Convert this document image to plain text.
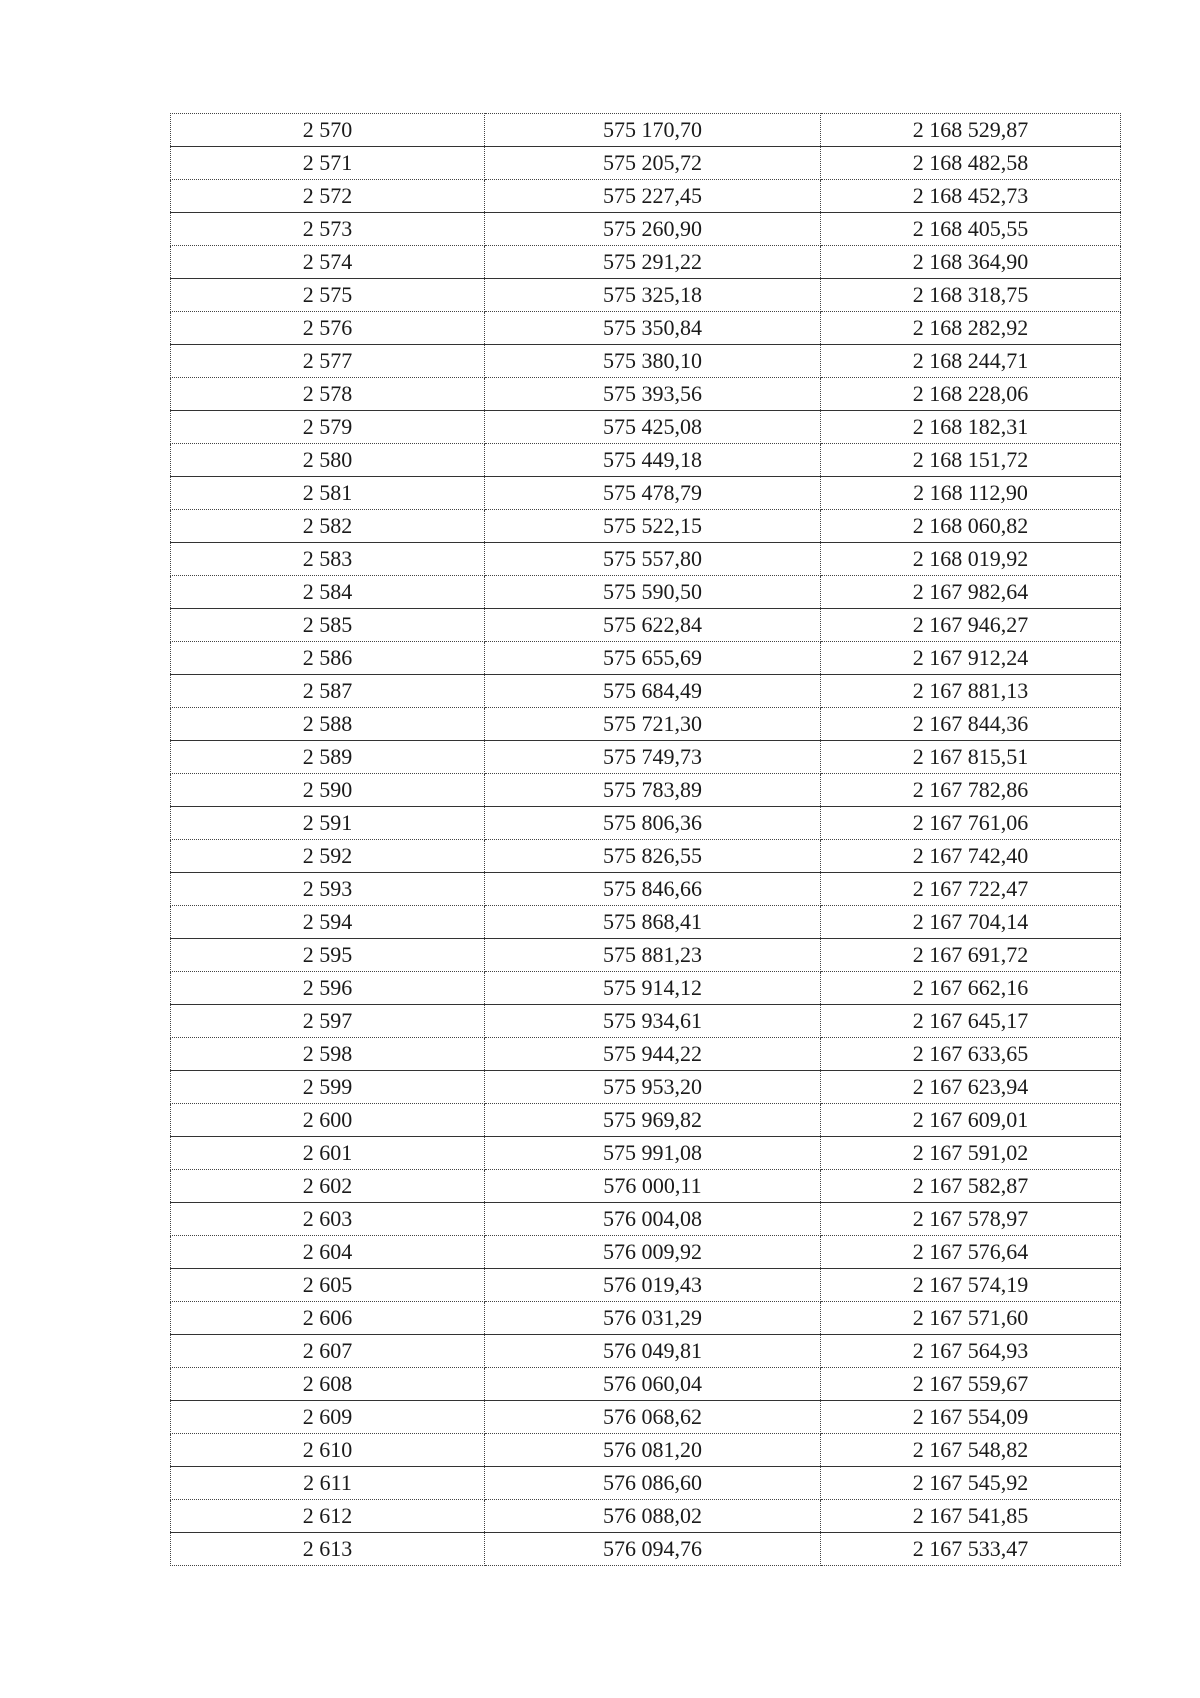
2 570	575 170,70	2 168 529,87
2 571	575 205,72	2 168 482,58
2 572	575 227,45	2 168 452,73
2 573	575 260,90	2 168 405,55
2 574	575 291,22	2 168 364,90
2 575	575 325,18	2 168 318,75
2 576	575 350,84	2 168 282,92
2 577	575 380,10	2 168 244,71
2 578	575 393,56	2 168 228,06
2 579	575 425,08	2 168 182,31
2 580	575 449,18	2 168 151,72
2 581	575 478,79	2 168 112,90
2 582	575 522,15	2 168 060,82
2 583	575 557,80	2 168 019,92
2 584	575 590,50	2 167 982,64
2 585	575 622,84	2 167 946,27
2 586	575 655,69	2 167 912,24
2 587	575 684,49	2 167 881,13
2 588	575 721,30	2 167 844,36
2 589	575 749,73	2 167 815,51
2 590	575 783,89	2 167 782,86
2 591	575 806,36	2 167 761,06
2 592	575 826,55	2 167 742,40
2 593	575 846,66	2 167 722,47
2 594	575 868,41	2 167 704,14
2 595	575 881,23	2 167 691,72
2 596	575 914,12	2 167 662,16
2 597	575 934,61	2 167 645,17
2 598	575 944,22	2 167 633,65
2 599	575 953,20	2 167 623,94
2 600	575 969,82	2 167 609,01
2 601	575 991,08	2 167 591,02
2 602	576 000,11	2 167 582,87
2 603	576 004,08	2 167 578,97
2 604	576 009,92	2 167 576,64
2 605	576 019,43	2 167 574,19
2 606	576 031,29	2 167 571,60
2 607	576 049,81	2 167 564,93
2 608	576 060,04	2 167 559,67
2 609	576 068,62	2 167 554,09
2 610	576 081,20	2 167 548,82
2 611	576 086,60	2 167 545,92
2 612	576 088,02	2 167 541,85
2 613	576 094,76	2 167 533,47
